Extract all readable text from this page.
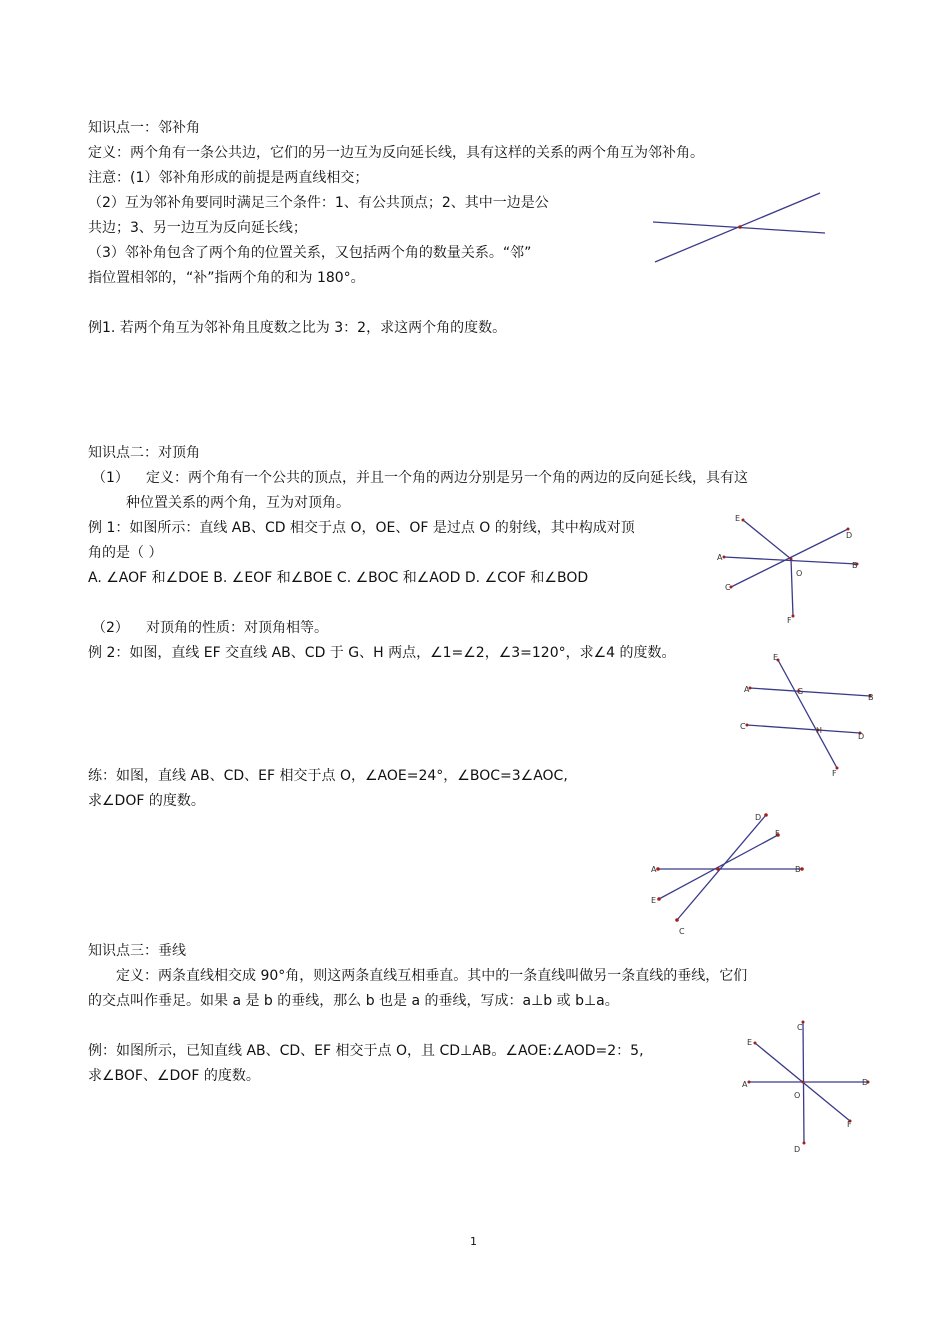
知识点一：邻补角
定义：两个角有一条公共边，它们的另一边互为反向延长线，具有这样的关系的两个角互为邻补角。
注意：(1）邻补角形成的前提是两直线相交；
（2）互为邻补角要同时满足三个条件：1、有公共顶点；2、其中一边是公
共边；3、另一边互为反向延长线；
（3）邻补角包含了两个角的位置关系，又包括两个角的数量关系。“邻”
指位置相邻的，“补”指两个角的和为 180°。
例1. 若两个角互为邻补角且度数之比为 3：2，求这两个角的度数。
知识点二：对顶角
（1） 定义：两个角有一个公共的顶点，并且一个角的两边分别是另一个角的两边的反向延长线，具有这
种位置关系的两个角，互为对顶角。
例 1：如图所示：直线 AB、CD 相交于点 O，OE、OF 是过点 O 的射线，其中构成对顶
角的是（ ）
A. ∠AOF 和∠DOE B. ∠EOF 和∠BOE C. ∠BOC 和∠AOD D. ∠COF 和∠BOD
（2） 对顶角的性质：对顶角相等。
例 2：如图，直线 EF 交直线 AB、CD 于 G、H 两点，∠1=∠2，∠3=120°，求∠4 的度数。
练：如图，直线 AB、CD、EF 相交于点 O，∠AOE=24°，∠BOC=3∠AOC,
求∠DOF 的度数。
E
D
A
B
O
C
F
E
A	G
B
C	H
D
F
D
F
A	B
E
C
知识点三：垂线
定义：两条直线相交成 90°角，则这两条直线互相垂直。其中的一条直线叫做另一条直线的垂线，它们
的交点叫作垂足。如果 a 是 b 的垂线，那么 b 也是 a 的垂线，写成：a⊥b 或 b⊥a。
例：如图所示，已知直线 AB、CD、EF 相交于点 O，且 CD⊥AB。∠AOE:∠AOD=2：5,
求∠BOF、∠DOF 的度数。
C
E
A	D
O
F
D
1
